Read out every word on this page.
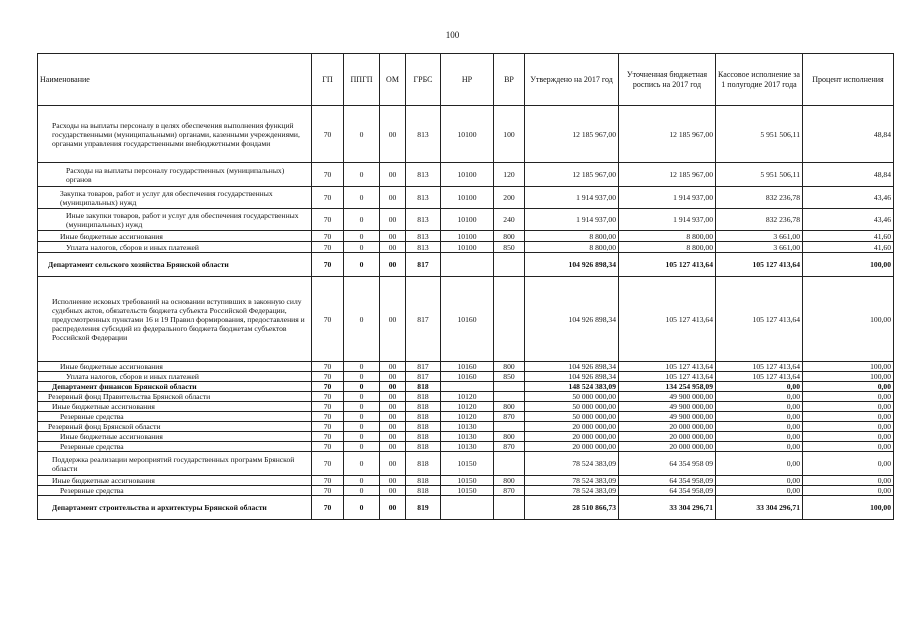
100
Наименование	ГП	ППГП	ОМ	ГРБС	НР	ВР	Утверждено на 2017 год	Уточненная бюджетная роспись на 2017 год	Кассовое исполнение за 1 полугодие 2017 года	Процент исполнения
Расходы на выплаты персоналу в целях обеспечения выполнения функций государственными (муниципальными) органами, казенными учреждениями, органами управления государственными внебюджетными фондами	70	0	00	813	10100	100	12 185 967,00	12 185 967,00	5 951 506,11	48,84
Расходы на выплаты персоналу государственных (муниципальных) органов	70	0	00	813	10100	120	12 185 967,00	12 185 967,00	5 951 506,11	48,84
Закупка товаров, работ и услуг для обеспечения государственных (муниципальных) нужд	70	0	00	813	10100	200	1 914 937,00	1 914 937,00	832 236,78	43,46
Иные закупки товаров, работ и услуг для обеспечения государственных (муниципальных) нужд	70	0	00	813	10100	240	1 914 937,00	1 914 937,00	832 236,78	43,46
Иные бюджетные ассигнования	70	0	00	813	10100	800	8 800,00	8 800,00	3 661,00	41,60
Уплата налогов, сборов и иных платежей	70	0	00	813	10100	850	8 800,00	8 800,00	3 661,00	41,60
Департамент сельского хозяйства Брянской области	70	0	00	817			104 926 898,34	105 127 413,64	105 127 413,64	100,00
Исполнение исковых требований на основании вступивших в законную силу судебных актов, обязательств бюджета субъекта Российской Федерации, предусмотренных пунктами 16 и 19 Правил формирования, предоставления и распределения субсидий из федерального бюджета бюджетам субъектов Российской Федерации	70	0	00	817	10160		104 926 898,34	105 127 413,64	105 127 413,64	100,00
Иные бюджетные ассигнования	70	0	00	817	10160	800	104 926 898,34	105 127 413,64	105 127 413,64	100,00
Уплата налогов, сборов и иных платежей	70	0	00	817	10160	850	104 926 898,34	105 127 413,64	105 127 413,64	100,00
Департамент финансов Брянской области	70	0	00	818			148 524 383,09	134 254 958,09	0,00	0,00
Резервный фонд Правительства Брянской области	70	0	00	818	10120		50 000 000,00	49 900 000,00	0,00	0,00
Иные бюджетные ассигнования	70	0	00	818	10120	800	50 000 000,00	49 900 000,00	0,00	0,00
Резервные средства	70	0	00	818	10120	870	50 000 000,00	49 900 000,00	0,00	0,00
Резервный фонд Брянской области	70	0	00	818	10130		20 000 000,00	20 000 000,00	0,00	0,00
Иные бюджетные ассигнования	70	0	00	818	10130	800	20 000 000,00	20 000 000,00	0,00	0,00
Резервные средства	70	0	00	818	10130	870	20 000 000,00	20 000 000,00	0,00	0,00
Поддержка реализации мероприятий государственных программ Брянской области	70	0	00	818	10150		78 524 383,09	64 354 958 09	0,00	0,00
Иные бюджетные ассигнования	70	0	00	818	10150	800	78 524 383,09	64 354 958,09	0,00	0,00
Резервные средства	70	0	00	818	10150	870	78 524 383,09	64 354 958,09	0,00	0,00
Департамент строительства и архитектуры Брянской области	70	0	00	819			28 510 866,73	33 304 296,71	33 304 296,71	100,00
